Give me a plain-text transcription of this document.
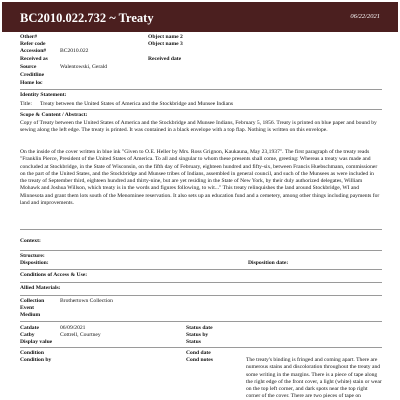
BC2010.022.732 ~ Treaty	06/22/2021
Other#
Refer code
Accession# BC2010.022
Received as
Source	Walentowski, Gerald
Creditline
Home loc
Object name 2
Object name 3
Received date
Identity Statement:
Title: Treaty between the United States of America and the Stockbridge and Munsee Indians
Scope & Content / Abstract:
Copy of Treaty between the United States of America and the Stockbridge and Munsee Indians, February 5, 1856. Treaty is printed on blue paper and bound by sewing along the left edge. The treaty is printed. It was contained in a black envelope with a top flap. Nothing is written on this envelope.
On the inside of the cover written in blue ink "Given to O.E. Heller by Mrs. Ross Grignon, Kaukauna, May 23,1937". The first paragraph of the treaty reads "Franklin Pierce, President of the United States of America. To all and singular to whom these presents shall come, greeting: Whereas a treaty was made and concluded at Stockbridge, in the State of Wisconsin, on the fifth day of February, eighteen hundred and fifty-six, between Francis Huebschmann, commissioner on the part of the United States, and the Stockbridge and Munsee tribes of Indians, assembled in general council, and such of the Munsees as were included in the treaty of September third, eighteen hundred and thirty-nine, but are yet residing in the State of New York, by their duly authorized delegates, William Mohawk and Joshua Willson, which treaty is in the words and figures following, to wit..." This treaty relinquishes the land around Stockbridge, WI and Minnesota and grant them lots south of the Menominee reservation. It also sets up an education fund and a cemetery, among other things including payments for land and improvements.
Context:
Structure:
Disposition:	Disposition date:
Conditions of Access & Use:
Allied Materials:
Collection	Brothertown Collection
Event
Medium
Catdate	06/09/2021
Catby	Cottrell, Courtney
Display value
Status date
Status by
Status
Condition
Condition by
Cond date
Cond notes	The treaty's binding is fringed and coming apart. There are numerous stains and discoloration throughout the treaty and some writing in the margins. There is a piece of tape along the right edge of the front cover, a light (white) stain or wear on the top left corner, and dark spots near the top right corner of the cover. There are two pieces of tape on
